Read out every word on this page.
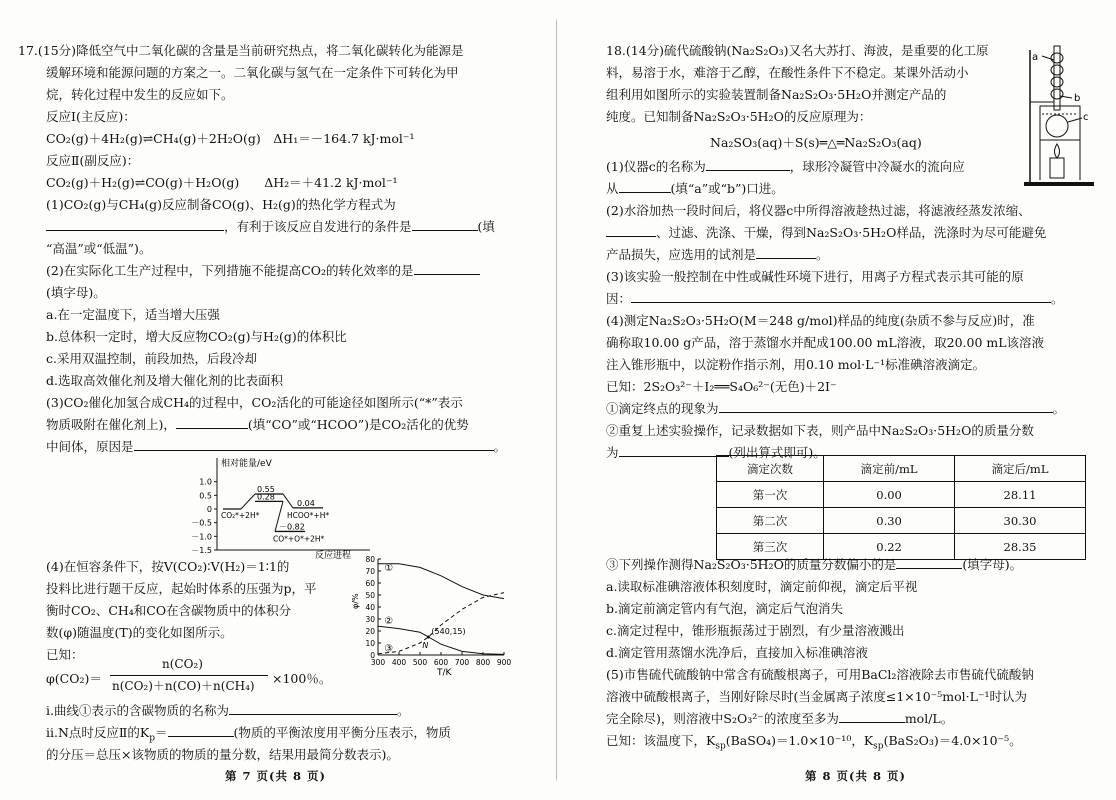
17.(15分)降低空气中二氧化碳的含量是当前研究热点，将二氧化碳转化为能源是
缓解环境和能源问题的方案之一。二氧化碳与氢气在一定条件下可转化为甲
烷，转化过程中发生的反应如下。
反应Ⅰ(主反应)：
CO₂(g)＋4H₂(g)⇌CH₄(g)＋2H₂O(g)　ΔH₁＝－164.7 kJ·mol⁻¹
反应Ⅱ(副反应)：
CO₂(g)＋H₂(g)⇌CO(g)＋H₂O(g)　　ΔH₂＝＋41.2 kJ·mol⁻¹
(1)CO₂(g)与CH₄(g)反应制备CO(g)、H₂(g)的热化学方程式为
，有利于该反应自发进行的条件是	(填
“高温”或“低温”)。
(2)在实际化工生产过程中，下列措施不能提高CO₂的转化效率的是
(填字母)。
a.在一定温度下，适当增大压强
b.总体积一定时，增大反应物CO₂(g)与H₂(g)的体积比
c.采用双温控制，前段加热，后段冷却
d.选取高效催化剂及增大催化剂的比表面积
(3)CO₂催化加氢合成CH₄的过程中，CO₂活化的可能途径如图所示(“*”表示
物质吸附在催化剂上)，	(填“CO”或“HCOO”)是CO₂活化的优势
中间体，原因是	。
相对能量/eV
反应进程
1.0
0.5
0
－0.5
－1.0
－1.5
0.55
0.28
0.04
－0.82
CO₂*+2H*	HCOO*+H*
CO*+O*+2H*
(4)在恒容条件下，按V(CO₂)∶V(H₂)＝1∶1的
投料比进行题干反应，起始时体系的压强为p，平
衡时CO₂、CH₄和CO在含碳物质中的体积分
数(φ)随温度(T)的变化如图所示。
已知：
φ(CO₂)＝
n(CO₂)
n(CO₂)＋n(CO)＋n(CH₄) ×100％。
ⅰ.曲线①表示的含碳物质的名称为	。
ⅱ.N点时反应Ⅱ的$K_p=$	(物质的平衡浓度用平衡分压表示，物质
的分压＝总压×该物质的物质的量分数，结果用最简分数表示)。
φ/%
T/K
0
10
20
30
40
50
60
70
80
300 400 500 600 700 800 900
①
②
③	N
(540,15)
第 7 页(共 8 页)
18.(14分)硫代硫酸钠(Na₂S₂O₃)又名大苏打、海波，是重要的化工原
料，易溶于水，难溶于乙醇，在酸性条件下不稳定。某课外活动小
组利用如图所示的实验装置制备Na₂S₂O₃·5H₂O并测定产品的
纯度。已知制备Na₂S₂O₃·5H₂O的反应原理为：
Na₂SO₃(aq)＋S(s)═△═Na₂S₂O₃(aq)
(1)仪器c的名称为	，球形冷凝管中冷凝水的流向应
从	(填“a”或“b”)口进。
(2)水浴加热一段时间后，将仪器c中所得溶液趁热过滤，将滤液经蒸发浓缩、
、过滤、洗涤、干燥，得到Na₂S₂O₃·5H₂O样品，洗涤时为尽可能避免
产品损失，应选用的试剂是	。
(3)该实验一般控制在中性或碱性环境下进行，用离子方程式表示其可能的原
因：	。
(4)测定Na₂S₂O₃·5H₂O(M＝248 g/mol)样品的纯度(杂质不参与反应)时，准
确称取10.00 g产品，溶于蒸馏水并配成100.00 mL溶液，取20.00 mL该溶液
注入锥形瓶中，以淀粉作指示剂，用0.10 mol·L⁻¹标准碘溶液滴定。
已知：2S₂O₃²⁻＋I₂══S₄O₆²⁻(无色)＋2I⁻
①滴定终点的现象为	。
②重复上述实验操作，记录数据如下表，则产品中Na₂S₂O₃·5H₂O的质量分数
为	(列出算式即可)。
滴定次数	滴定前/mL	滴定后/mL
第一次	0.00	28.11
第二次	0.30	30.30
第三次	0.22	28.35
③下列操作测得Na₂S₂O₃·5H₂O的质量分数偏小的是	(填字母)。
a.读取标准碘溶液体积刻度时，滴定前仰视，滴定后平视
b.滴定前滴定管内有气泡，滴定后气泡消失
c.滴定过程中，锥形瓶振荡过于剧烈，有少量溶液溅出
d.滴定管用蒸馏水洗净后，直接加入标准碘溶液
(5)市售硫代硫酸钠中常含有硫酸根离子，可用BaCl₂溶液除去市售硫代硫酸钠
溶液中硫酸根离子，当刚好除尽时(当金属离子浓度≤1×10⁻⁵mol·L⁻¹时认为
完全除尽)，则溶液中S₂O₃²⁻的浓度至多为	mol/L。
已知：该温度下，$K_{sp}(BaSO_4)=1.0\times 10^{-10}$，$K_{sp}(BaS_2O_3)=4.0\times 10^{-5}$。
a
b
c
第 8 页(共 8 页)
